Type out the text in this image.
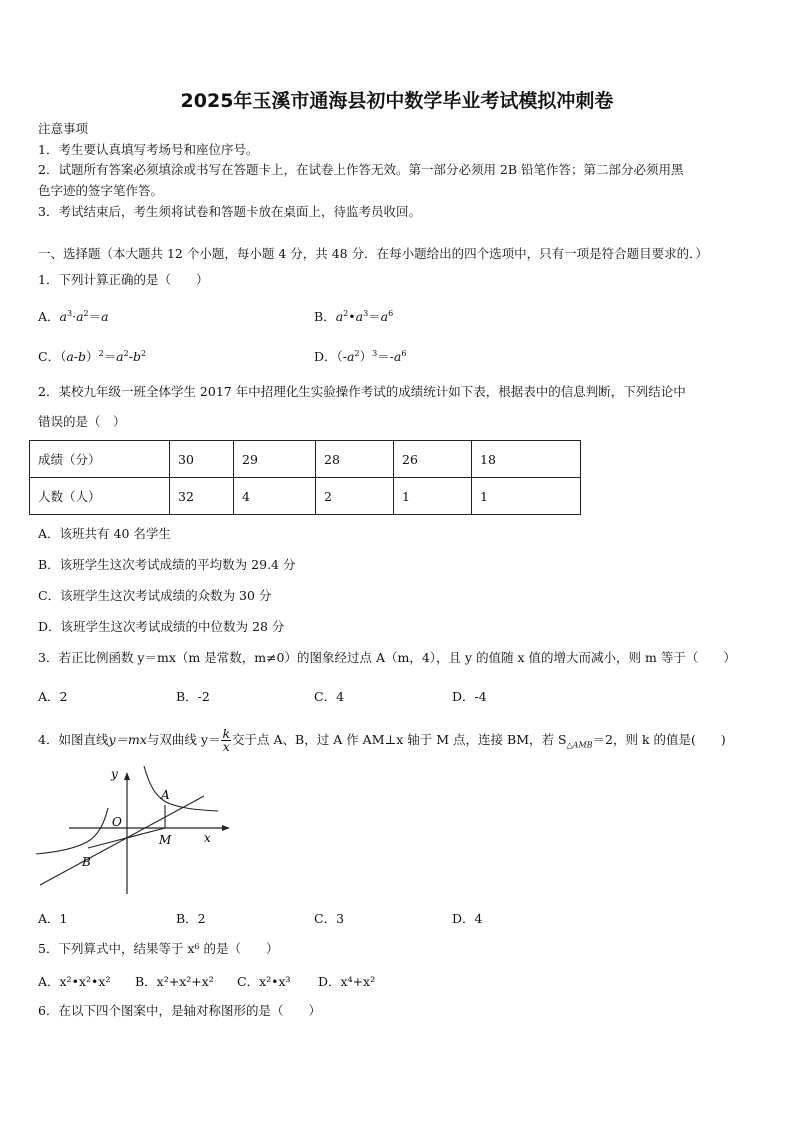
2025年玉溪市通海县初中数学毕业考试模拟冲刺卷
注意事项
1．考生要认真填写考场号和座位序号。
2．试题所有答案必须填涂或书写在答题卡上，在试卷上作答无效。第一部分必须用 2B 铅笔作答；第二部分必须用黑
色字迹的签字笔作答。
3．考试结束后，考生须将试卷和答题卡放在桌面上，待监考员收回。
一、选择题（本大题共 12 个小题，每小题 4 分，共 48 分．在每小题给出的四个选项中，只有一项是符合题目要求的．）
1．下列计算正确的是（　　）
A．$a^3\cdot a^2=a$	B．$a^2•a^3=a^6$
C．$(a-b)^2=a^2-b^2$	D．$(-a^2)^3=-a^6$
2．某校九年级一班全体学生 2017 年中招理化生实验操作考试的成绩统计如下表，根据表中的信息判断，下列结论中
错误的是（　）
成绩（分）	30	29	28	26	18
人数（人）	32	4	2	1	1
A．该班共有 40 名学生
B．该班学生这次考试成绩的平均数为 29.4 分
C．该班学生这次考试成绩的众数为 30 分
D．该班学生这次考试成绩的中位数为 28 分
3．若正比例函数 y＝mx（m 是常数，m≠0）的图象经过点 A（m，4），且 y 的值随 x 值的增大而减小，则 m 等于（　　）
A．2	B．-2	C．4	D．-4
4．如图直线y＝mx与双曲线 $y= \frac{k}{x}$ 交于点 A、B，过 A 作 AM⊥x 轴于 M 点，连接 BM，若 $S_{\triangle AMB}=2$，则 k 的值是(　　)
y
x
O
A
M
B
A．1	B．2	C．3	D．4
5．下列算式中，结果等于 x⁶ 的是（　　）
A．x²•x²•x² B．x²+x²+x² C．x²•x³ D．x⁴+x²
6．在以下四个图案中，是轴对称图形的是（　　）
